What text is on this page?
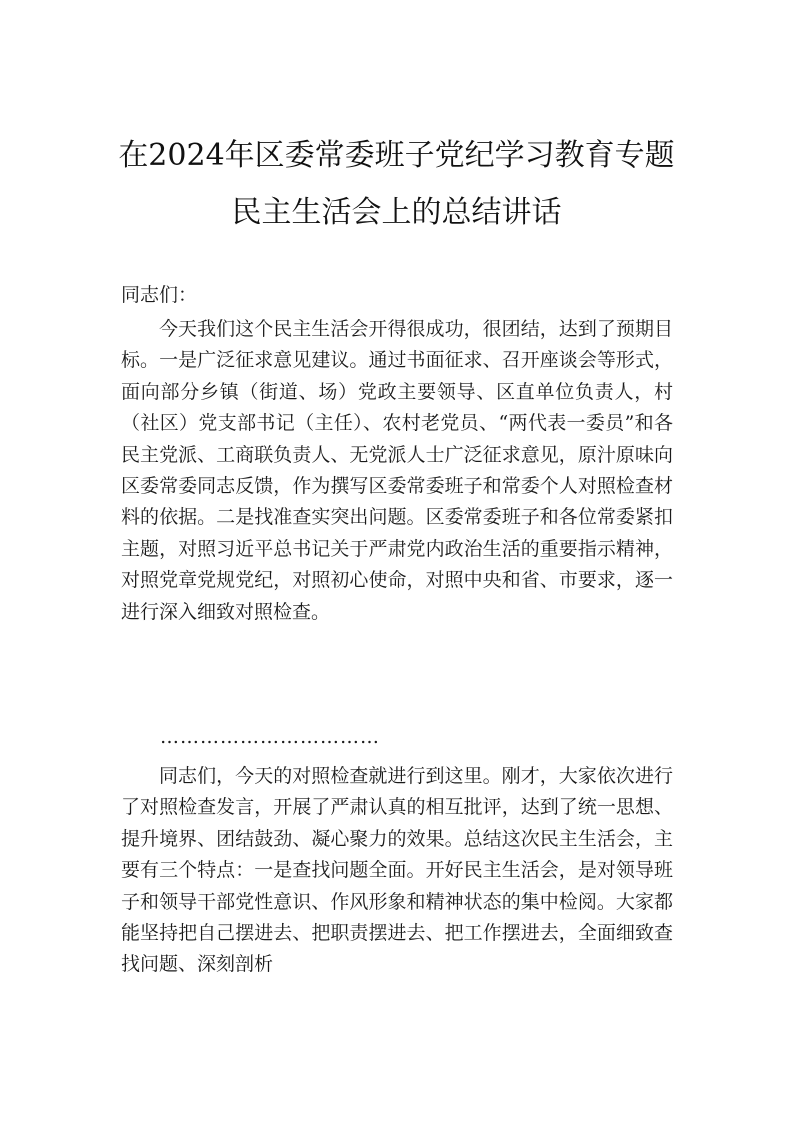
在2024年区委常委班子党纪学习教育专题
民主生活会上的总结讲话
同志们：
今天我们这个民主生活会开得很成功，很团结，达到了预期目标。一是广泛征求意见建议。通过书面征求、召开座谈会等形式，面向部分乡镇（街道、场）党政主要领导、区直单位负责人，村（社区）党支部书记（主任）、农村老党员、“两代表一委员”和各民主党派、工商联负责人、无党派人士广泛征求意见，原汁原味向区委常委同志反馈，作为撰写区委常委班子和常委个人对照检查材料的依据。二是找准查实突出问题。区委常委班子和各位常委紧扣主题，对照习近平总书记关于严肃党内政治生活的重要指示精神，对照党章党规党纪，对照初心使命，对照中央和省、市要求，逐一进行深入细致对照检查。
……………………………
同志们，今天的对照检查就进行到这里。刚才，大家依次进行了对照检查发言，开展了严肃认真的相互批评，达到了统一思想、提升境界、团结鼓劲、凝心聚力的效果。总结这次民主生活会，主要有三个特点：一是查找问题全面。开好民主生活会，是对领导班子和领导干部党性意识、作风形象和精神状态的集中检阅。大家都能坚持把自己摆进去、把职责摆进去、把工作摆进去，全面细致查找问题、深刻剖析
